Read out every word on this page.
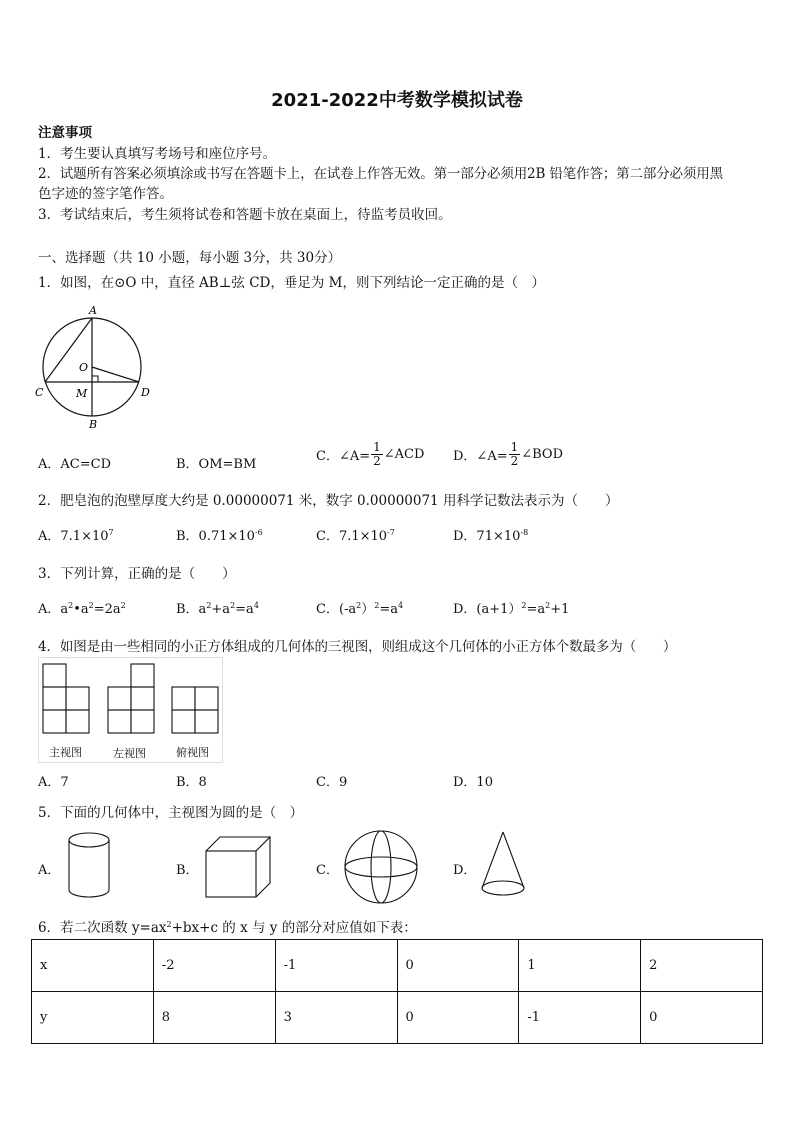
2021-2022中考数学模拟试卷
注意事项
1．考生要认真填写考场号和座位序号。
2．试题所有答案必须填涂或书写在答题卡上，在试卷上作答无效。第一部分必须用2B 铅笔作答；第二部分必须用黑
色字迹的签字笔作答。
3．考试结束后，考生须将试卷和答题卡放在桌面上，待监考员收回。
一、选择题（共 10 小题，每小题 3分，共 30分）
1．如图，在⊙O 中，直径 AB⊥弦 CD，垂足为 M，则下列结论一定正确的是（　）
A
B
C	D
O
M
A．AC=CD	B．OM=BM
C．∠A= $\frac{1}{2}$ ∠ACD D．∠A= $\frac{1}{2}$ ∠BOD
2．肥皂泡的泡壁厚度大约是 0.00000071 米，数字 0.00000071 用科学记数法表示为（　　）
A．$7.1\times 10^7$	B．$0.71\times 10^{-6}$	C．$7.1\times 10^{-7}$	D．$71\times 10^{-8}$
3．下列计算，正确的是（　　）
A．$a^2•a^2=2a^2$	B．$a^2+a^2=a^4$	C．$(-a^2)^2=a^4$	D．$(a+1)^2=a^2+1$
4．如图是由一些相同的小正方体组成的几何体的三视图，则组成这个几何体的小正方体个数最多为（　　）
主视图	左视图	俯视图
A．7	B．8	C．9	D．10
5．下面的几何体中，主视图为圆的是（　）
A．	B．	C．	D．
6．若二次函数 $y=ax^2+bx+c$ 的 x 与 y 的部分对应值如下表：
x	-2	-1	0	1	2
y	8	3	0	-1	0
